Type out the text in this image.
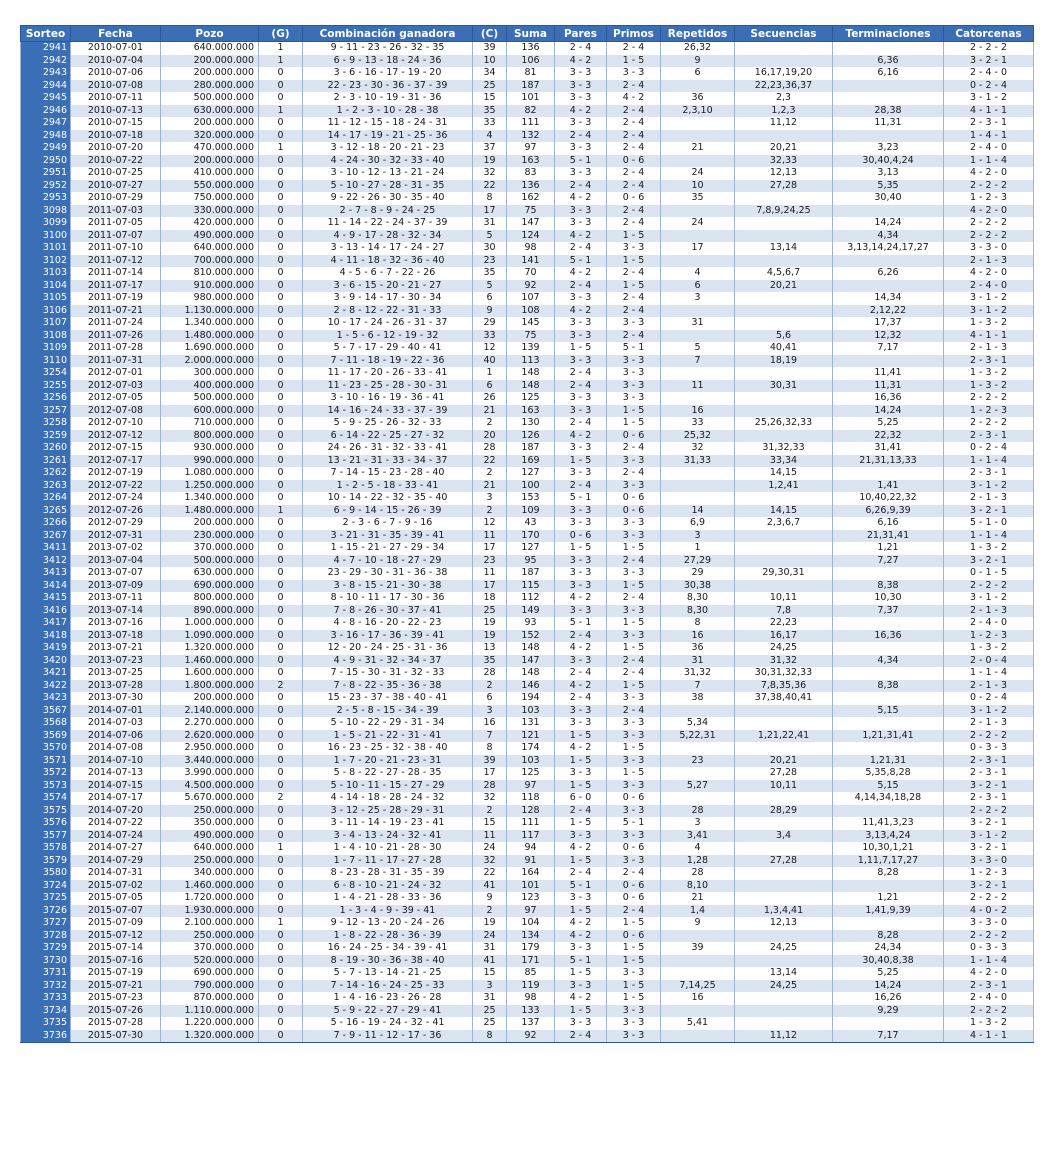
Sorteo	Fecha	Pozo	(G)	Combinación ganadora	(C)	Suma	Pares	Primos	Repetidos	Secuencias	Terminaciones	Catorcenas
2941	2010-07-01	640.000.000	1	9 - 11 - 23 - 26 - 32 - 35	39	136	2 - 4	2 - 4	26,32			2 - 2 - 2
2942	2010-07-04	200.000.000	1	6 - 9 - 13 - 18 - 24 - 36	10	106	4 - 2	1 - 5	9		6,36	3 - 2 - 1
2943	2010-07-06	200.000.000	0	3 - 6 - 16 - 17 - 19 - 20	34	81	3 - 3	3 - 3	6	16,17,19,20	6,16	2 - 4 - 0
2944	2010-07-08	280.000.000	0	22 - 23 - 30 - 36 - 37 - 39	25	187	3 - 3	2 - 4		22,23,36,37		0 - 2 - 4
2945	2010-07-11	500.000.000	0	2 - 3 - 10 - 19 - 31 - 36	15	101	3 - 3	4 - 2	36	2,3		3 - 1 - 2
2946	2010-07-13	630.000.000	1	1 - 2 - 3 - 10 - 28 - 38	35	82	4 - 2	2 - 4	2,3,10	1,2,3	28,38	4 - 1 - 1
2947	2010-07-15	200.000.000	0	11 - 12 - 15 - 18 - 24 - 31	33	111	3 - 3	2 - 4		11,12	11,31	2 - 3 - 1
2948	2010-07-18	320.000.000	0	14 - 17 - 19 - 21 - 25 - 36	4	132	2 - 4	2 - 4				1 - 4 - 1
2949	2010-07-20	470.000.000	1	3 - 12 - 18 - 20 - 21 - 23	37	97	3 - 3	2 - 4	21	20,21	3,23	2 - 4 - 0
2950	2010-07-22	200.000.000	0	4 - 24 - 30 - 32 - 33 - 40	19	163	5 - 1	0 - 6		32,33	30,40,4,24	1 - 1 - 4
2951	2010-07-25	410.000.000	0	3 - 10 - 12 - 13 - 21 - 24	32	83	3 - 3	2 - 4	24	12,13	3,13	4 - 2 - 0
2952	2010-07-27	550.000.000	0	5 - 10 - 27 - 28 - 31 - 35	22	136	2 - 4	2 - 4	10	27,28	5,35	2 - 2 - 2
2953	2010-07-29	750.000.000	0	9 - 22 - 26 - 30 - 35 - 40	8	162	4 - 2	0 - 6	35		30,40	1 - 2 - 3
3098	2011-07-03	330.000.000	0	2 - 7 - 8 - 9 - 24 - 25	17	75	3 - 3	2 - 4		7,8,9,24,25		4 - 2 - 0
3099	2011-07-05	420.000.000	0	11 - 14 - 22 - 24 - 37 - 39	31	147	3 - 3	2 - 4	24		14,24	2 - 2 - 2
3100	2011-07-07	490.000.000	0	4 - 9 - 17 - 28 - 32 - 34	5	124	4 - 2	1 - 5			4,34	2 - 2 - 2
3101	2011-07-10	640.000.000	0	3 - 13 - 14 - 17 - 24 - 27	30	98	2 - 4	3 - 3	17	13,14	3,13,14,24,17,27	3 - 3 - 0
3102	2011-07-12	700.000.000	0	4 - 11 - 18 - 32 - 36 - 40	23	141	5 - 1	1 - 5				2 - 1 - 3
3103	2011-07-14	810.000.000	0	4 - 5 - 6 - 7 - 22 - 26	35	70	4 - 2	2 - 4	4	4,5,6,7	6,26	4 - 2 - 0
3104	2011-07-17	910.000.000	0	3 - 6 - 15 - 20 - 21 - 27	5	92	2 - 4	1 - 5	6	20,21		2 - 4 - 0
3105	2011-07-19	980.000.000	0	3 - 9 - 14 - 17 - 30 - 34	6	107	3 - 3	2 - 4	3		14,34	3 - 1 - 2
3106	2011-07-21	1.130.000.000	0	2 - 8 - 12 - 22 - 31 - 33	9	108	4 - 2	2 - 4			2,12,22	3 - 1 - 2
3107	2011-07-24	1.340.000.000	0	10 - 17 - 24 - 26 - 31 - 37	29	145	3 - 3	3 - 3	31		17,37	1 - 3 - 2
3108	2011-07-26	1.480.000.000	0	1 - 5 - 6 - 12 - 19 - 32	33	75	3 - 3	2 - 4		5,6	12,32	4 - 1 - 1
3109	2011-07-28	1.690.000.000	0	5 - 7 - 17 - 29 - 40 - 41	12	139	1 - 5	5 - 1	5	40,41	7,17	2 - 1 - 3
3110	2011-07-31	2.000.000.000	0	7 - 11 - 18 - 19 - 22 - 36	40	113	3 - 3	3 - 3	7	18,19		2 - 3 - 1
3254	2012-07-01	300.000.000	0	11 - 17 - 20 - 26 - 33 - 41	1	148	2 - 4	3 - 3			11,41	1 - 3 - 2
3255	2012-07-03	400.000.000	0	11 - 23 - 25 - 28 - 30 - 31	6	148	2 - 4	3 - 3	11	30,31	11,31	1 - 3 - 2
3256	2012-07-05	500.000.000	0	3 - 10 - 16 - 19 - 36 - 41	26	125	3 - 3	3 - 3			16,36	2 - 2 - 2
3257	2012-07-08	600.000.000	0	14 - 16 - 24 - 33 - 37 - 39	21	163	3 - 3	1 - 5	16		14,24	1 - 2 - 3
3258	2012-07-10	710.000.000	0	5 - 9 - 25 - 26 - 32 - 33	2	130	2 - 4	1 - 5	33	25,26,32,33	5,25	2 - 2 - 2
3259	2012-07-12	800.000.000	0	6 - 14 - 22 - 25 - 27 - 32	20	126	4 - 2	0 - 6	25,32		22,32	2 - 3 - 1
3260	2012-07-15	930.000.000	0	24 - 26 - 31 - 32 - 33 - 41	28	187	3 - 3	2 - 4	32	31,32,33	31,41	0 - 2 - 4
3261	2012-07-17	990.000.000	0	13 - 21 - 31 - 33 - 34 - 37	22	169	1 - 5	3 - 3	31,33	33,34	21,31,13,33	1 - 1 - 4
3262	2012-07-19	1.080.000.000	0	7 - 14 - 15 - 23 - 28 - 40	2	127	3 - 3	2 - 4		14,15		2 - 3 - 1
3263	2012-07-22	1.250.000.000	0	1 - 2 - 5 - 18 - 33 - 41	21	100	2 - 4	3 - 3		1,2,41	1,41	3 - 1 - 2
3264	2012-07-24	1.340.000.000	0	10 - 14 - 22 - 32 - 35 - 40	3	153	5 - 1	0 - 6			10,40,22,32	2 - 1 - 3
3265	2012-07-26	1.480.000.000	1	6 - 9 - 14 - 15 - 26 - 39	2	109	3 - 3	0 - 6	14	14,15	6,26,9,39	3 - 2 - 1
3266	2012-07-29	200.000.000	0	2 - 3 - 6 - 7 - 9 - 16	12	43	3 - 3	3 - 3	6,9	2,3,6,7	6,16	5 - 1 - 0
3267	2012-07-31	230.000.000	0	3 - 21 - 31 - 35 - 39 - 41	11	170	0 - 6	3 - 3	3		21,31,41	1 - 1 - 4
3411	2013-07-02	370.000.000	0	1 - 15 - 21 - 27 - 29 - 34	17	127	1 - 5	1 - 5	1		1,21	1 - 3 - 2
3412	2013-07-04	500.000.000	0	4 - 7 - 10 - 18 - 27 - 29	23	95	3 - 3	2 - 4	27,29		7,27	3 - 2 - 1
3413	2013-07-07	630.000.000	0	23 - 29 - 30 - 31 - 36 - 38	11	187	3 - 3	3 - 3	29	29,30,31		0 - 1 - 5
3414	2013-07-09	690.000.000	0	3 - 8 - 15 - 21 - 30 - 38	17	115	3 - 3	1 - 5	30,38		8,38	2 - 2 - 2
3415	2013-07-11	800.000.000	0	8 - 10 - 11 - 17 - 30 - 36	18	112	4 - 2	2 - 4	8,30	10,11	10,30	3 - 1 - 2
3416	2013-07-14	890.000.000	0	7 - 8 - 26 - 30 - 37 - 41	25	149	3 - 3	3 - 3	8,30	7,8	7,37	2 - 1 - 3
3417	2013-07-16	1.000.000.000	0	4 - 8 - 16 - 20 - 22 - 23	19	93	5 - 1	1 - 5	8	22,23		2 - 4 - 0
3418	2013-07-18	1.090.000.000	0	3 - 16 - 17 - 36 - 39 - 41	19	152	2 - 4	3 - 3	16	16,17	16,36	1 - 2 - 3
3419	2013-07-21	1.320.000.000	0	12 - 20 - 24 - 25 - 31 - 36	13	148	4 - 2	1 - 5	36	24,25		1 - 3 - 2
3420	2013-07-23	1.460.000.000	0	4 - 9 - 31 - 32 - 34 - 37	35	147	3 - 3	2 - 4	31	31,32	4,34	2 - 0 - 4
3421	2013-07-25	1.600.000.000	0	7 - 15 - 30 - 31 - 32 - 33	28	148	2 - 4	2 - 4	31,32	30,31,32,33		1 - 1 - 4
3422	2013-07-28	1.800.000.000	2	7 - 8 - 22 - 35 - 36 - 38	2	146	4 - 2	1 - 5	7	7,8,35,36	8,38	2 - 1 - 3
3423	2013-07-30	200.000.000	0	15 - 23 - 37 - 38 - 40 - 41	6	194	2 - 4	3 - 3	38	37,38,40,41		0 - 2 - 4
3567	2014-07-01	2.140.000.000	0	2 - 5 - 8 - 15 - 34 - 39	3	103	3 - 3	2 - 4			5,15	3 - 1 - 2
3568	2014-07-03	2.270.000.000	0	5 - 10 - 22 - 29 - 31 - 34	16	131	3 - 3	3 - 3	5,34			2 - 1 - 3
3569	2014-07-06	2.620.000.000	0	1 - 5 - 21 - 22 - 31 - 41	7	121	1 - 5	3 - 3	5,22,31	1,21,22,41	1,21,31,41	2 - 2 - 2
3570	2014-07-08	2.950.000.000	0	16 - 23 - 25 - 32 - 38 - 40	8	174	4 - 2	1 - 5				0 - 3 - 3
3571	2014-07-10	3.440.000.000	0	1 - 7 - 20 - 21 - 23 - 31	39	103	1 - 5	3 - 3	23	20,21	1,21,31	2 - 3 - 1
3572	2014-07-13	3.990.000.000	0	5 - 8 - 22 - 27 - 28 - 35	17	125	3 - 3	1 - 5		27,28	5,35,8,28	2 - 3 - 1
3573	2014-07-15	4.500.000.000	0	5 - 10 - 11 - 15 - 27 - 29	28	97	1 - 5	3 - 3	5,27	10,11	5,15	3 - 2 - 1
3574	2014-07-17	5.670.000.000	2	4 - 14 - 18 - 28 - 24 - 32	32	118	6 - 0	0 - 6			4,14,34,18,28	2 - 3 - 1
3575	2014-07-20	250.000.000	0	3 - 12 - 25 - 28 - 29 - 31	2	128	2 - 4	3 - 3	28	28,29		2 - 2 - 2
3576	2014-07-22	350.000.000	0	3 - 11 - 14 - 19 - 23 - 41	15	111	1 - 5	5 - 1	3		11,41,3,23	3 - 2 - 1
3577	2014-07-24	490.000.000	0	3 - 4 - 13 - 24 - 32 - 41	11	117	3 - 3	3 - 3	3,41	3,4	3,13,4,24	3 - 1 - 2
3578	2014-07-27	640.000.000	1	1 - 4 - 10 - 21 - 28 - 30	24	94	4 - 2	0 - 6	4		10,30,1,21	3 - 2 - 1
3579	2014-07-29	250.000.000	0	1 - 7 - 11 - 17 - 27 - 28	32	91	1 - 5	3 - 3	1,28	27,28	1,11,7,17,27	3 - 3 - 0
3580	2014-07-31	340.000.000	0	8 - 23 - 28 - 31 - 35 - 39	22	164	2 - 4	2 - 4	28		8,28	1 - 2 - 3
3724	2015-07-02	1.460.000.000	0	6 - 8 - 10 - 21 - 24 - 32	41	101	5 - 1	0 - 6	8,10			3 - 2 - 1
3725	2015-07-05	1.720.000.000	0	1 - 4 - 21 - 28 - 33 - 36	9	123	3 - 3	0 - 6	21		1,21	2 - 2 - 2
3726	2015-07-07	1.930.000.000	0	1 - 3 - 4 - 9 - 39 - 41	2	97	1 - 5	2 - 4	1,4	1,3,4,41	1,41,9,39	4 - 0 - 2
3727	2015-07-09	2.100.000.000	1	9 - 12 - 13 - 20 - 24 - 26	19	104	4 - 2	1 - 5	9	12,13		3 - 3 - 0
3728	2015-07-12	250.000.000	0	1 - 8 - 22 - 28 - 36 - 39	24	134	4 - 2	0 - 6			8,28	2 - 2 - 2
3729	2015-07-14	370.000.000	0	16 - 24 - 25 - 34 - 39 - 41	31	179	3 - 3	1 - 5	39	24,25	24,34	0 - 3 - 3
3730	2015-07-16	520.000.000	0	8 - 19 - 30 - 36 - 38 - 40	41	171	5 - 1	1 - 5			30,40,8,38	1 - 1 - 4
3731	2015-07-19	690.000.000	0	5 - 7 - 13 - 14 - 21 - 25	15	85	1 - 5	3 - 3		13,14	5,25	4 - 2 - 0
3732	2015-07-21	790.000.000	0	7 - 14 - 16 - 24 - 25 - 33	3	119	3 - 3	1 - 5	7,14,25	24,25	14,24	2 - 3 - 1
3733	2015-07-23	870.000.000	0	1 - 4 - 16 - 23 - 26 - 28	31	98	4 - 2	1 - 5	16		16,26	2 - 4 - 0
3734	2015-07-26	1.110.000.000	0	5 - 9 - 22 - 27 - 29 - 41	25	133	1 - 5	3 - 3			9,29	2 - 2 - 2
3735	2015-07-28	1.220.000.000	0	5 - 16 - 19 - 24 - 32 - 41	25	137	3 - 3	3 - 3	5,41			1 - 3 - 2
3736	2015-07-30	1.320.000.000	0	7 - 9 - 11 - 12 - 17 - 36	8	92	2 - 4	3 - 3		11,12	7,17	4 - 1 - 1
